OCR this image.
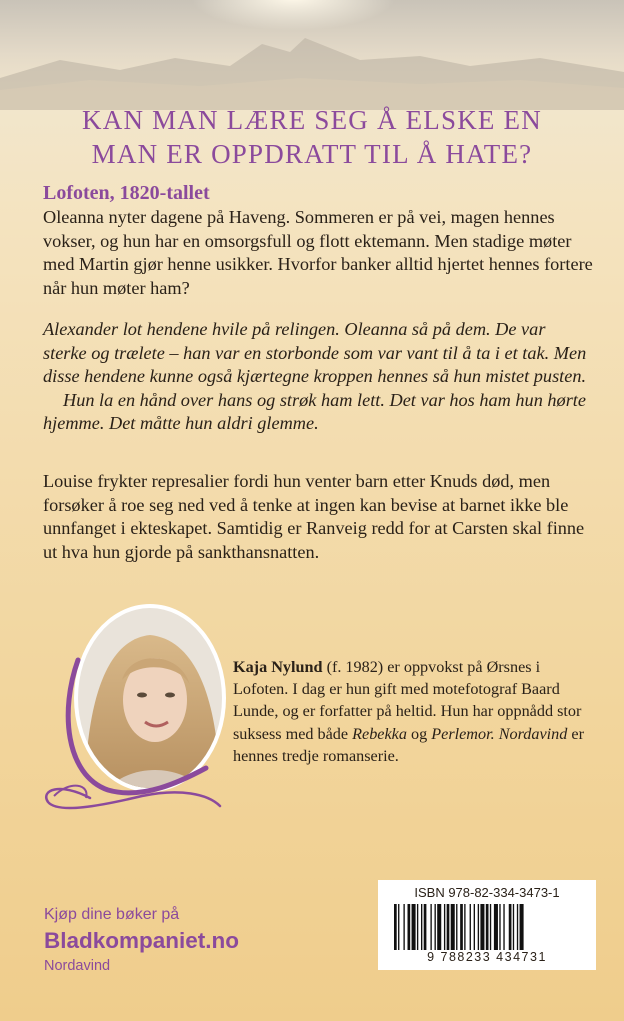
KAN MAN LÆRE SEG Å ELSKE EN
MAN ER OPPDRATT TIL Å HATE?
Lofoten, 1820-tallet

Oleanna nyter dagene på Haveng. Sommeren er på vei, magen hennes vokser, og hun har en omsorgsfull og flott ektemann. Men stadige møter med Martin gjør henne usikker. Hvorfor banker alltid hjertet hennes fortere når hun møter ham?

Alexander lot hendene hvile på relingen. Oleanna så på dem. De var sterke og trælete – han var en storbonde som var vant til å ta i et tak. Men disse hendene kunne også kjærtegne kroppen hennes så hun mistet pusten.
Hun la en hånd over hans og strøk ham lett. Det var hos ham hun hørte hjemme. Det måtte hun aldri glemme.

Louise frykter represalier fordi hun venter barn etter Knuds død, men forsøker å roe seg ned ved å tenke at ingen kan bevise at barnet ikke ble unnfanget i ekteskapet. Samtidig er Ranveig redd for at Carsten skal finne ut hva hun gjorde på sankthansnatten.

Kaja Nylund (f. 1982) er oppvokst på Ørsnes i Lofoten. I dag er hun gift med motefotograf Baard Lunde, og er forfatter på heltid. Hun har oppnådd stor suksess med både Rebekka og Perlemor. Nordavind er hennes tredje romanserie.

ISBN 978-82-334-3473-1
9 788233 434731
Kjøp dine bøker på
Bladkompaniet.no
Nordavind
